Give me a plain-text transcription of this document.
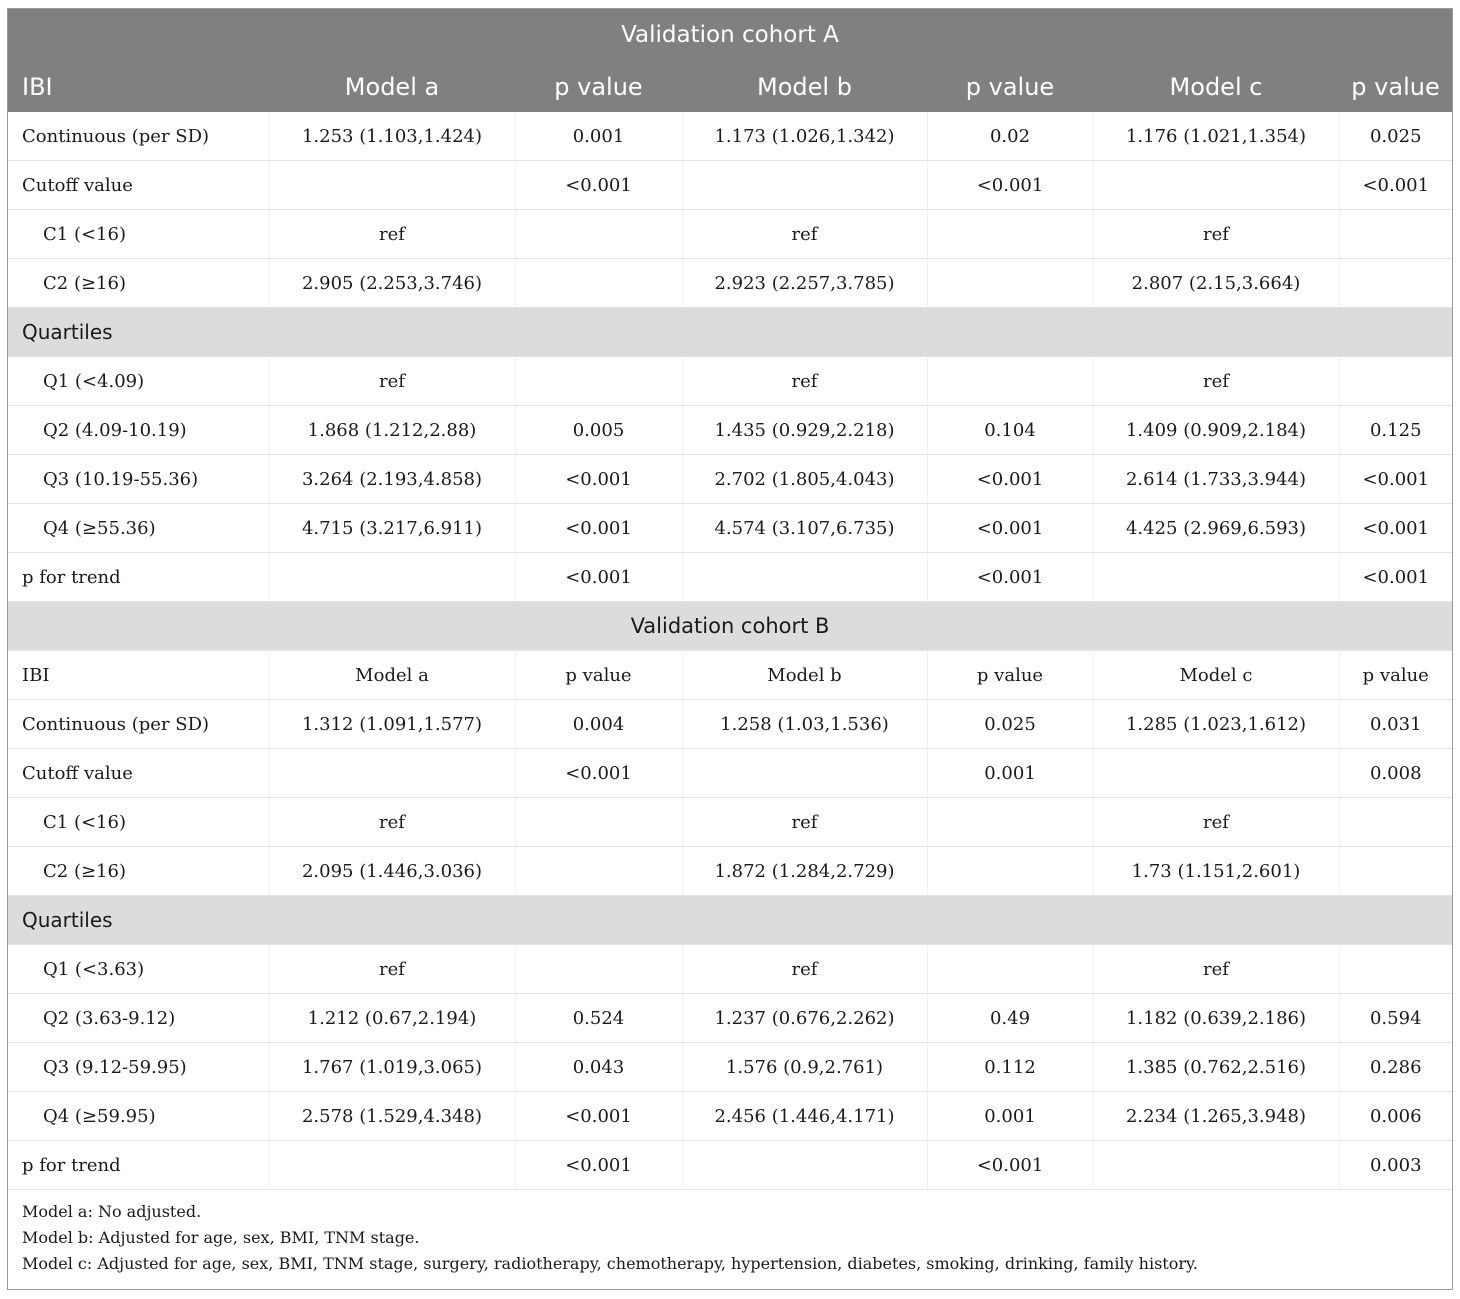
Validation cohort A						
IBI	Model a	p value	Model b	p value	Model c	p value
Continuous (per SD)	1.253 (1.103,1.424)	0.001	1.173 (1.026,1.342)	0.02	1.176 (1.021,1.354)	0.025
Cutoff value		<0.001		<0.001		<0.001
C1 (<16)	ref		ref		ref	
C2 (≥16)	2.905 (2.253,3.746)		2.923 (2.257,3.785)		2.807 (2.15,3.664)	
Quartiles						
Q1 (<4.09)	ref		ref		ref	
Q2 (4.09-10.19)	1.868 (1.212,2.88)	0.005	1.435 (0.929,2.218)	0.104	1.409 (0.909,2.184)	0.125
Q3 (10.19-55.36)	3.264 (2.193,4.858)	<0.001	2.702 (1.805,4.043)	<0.001	2.614 (1.733,3.944)	<0.001
Q4 (≥55.36)	4.715 (3.217,6.911)	<0.001	4.574 (3.107,6.735)	<0.001	4.425 (2.969,6.593)	<0.001
p for trend		<0.001		<0.001		<0.001
Validation cohort B						
IBI	Model a	p value	Model b	p value	Model c	p value
Continuous (per SD)	1.312 (1.091,1.577)	0.004	1.258 (1.03,1.536)	0.025	1.285 (1.023,1.612)	0.031
Cutoff value		<0.001		0.001		0.008
C1 (<16)	ref		ref		ref	
C2 (≥16)	2.095 (1.446,3.036)		1.872 (1.284,2.729)		1.73 (1.151,2.601)	
Quartiles						
Q1 (<3.63)	ref		ref		ref	
Q2 (3.63-9.12)	1.212 (0.67,2.194)	0.524	1.237 (0.676,2.262)	0.49	1.182 (0.639,2.186)	0.594
Q3 (9.12-59.95)	1.767 (1.019,3.065)	0.043	1.576 (0.9,2.761)	0.112	1.385 (0.762,2.516)	0.286
Q4 (≥59.95)	2.578 (1.529,4.348)	<0.001	2.456 (1.446,4.171)	0.001	2.234 (1.265,3.948)	0.006
p for trend		<0.001		<0.001		0.003
Model a: No adjusted.
Model b: Adjusted for age, sex, BMI, TNM stage.
Model c: Adjusted for age, sex, BMI, TNM stage, surgery, radiotherapy, chemotherapy, hypertension, diabetes, smoking, drinking, family history.
